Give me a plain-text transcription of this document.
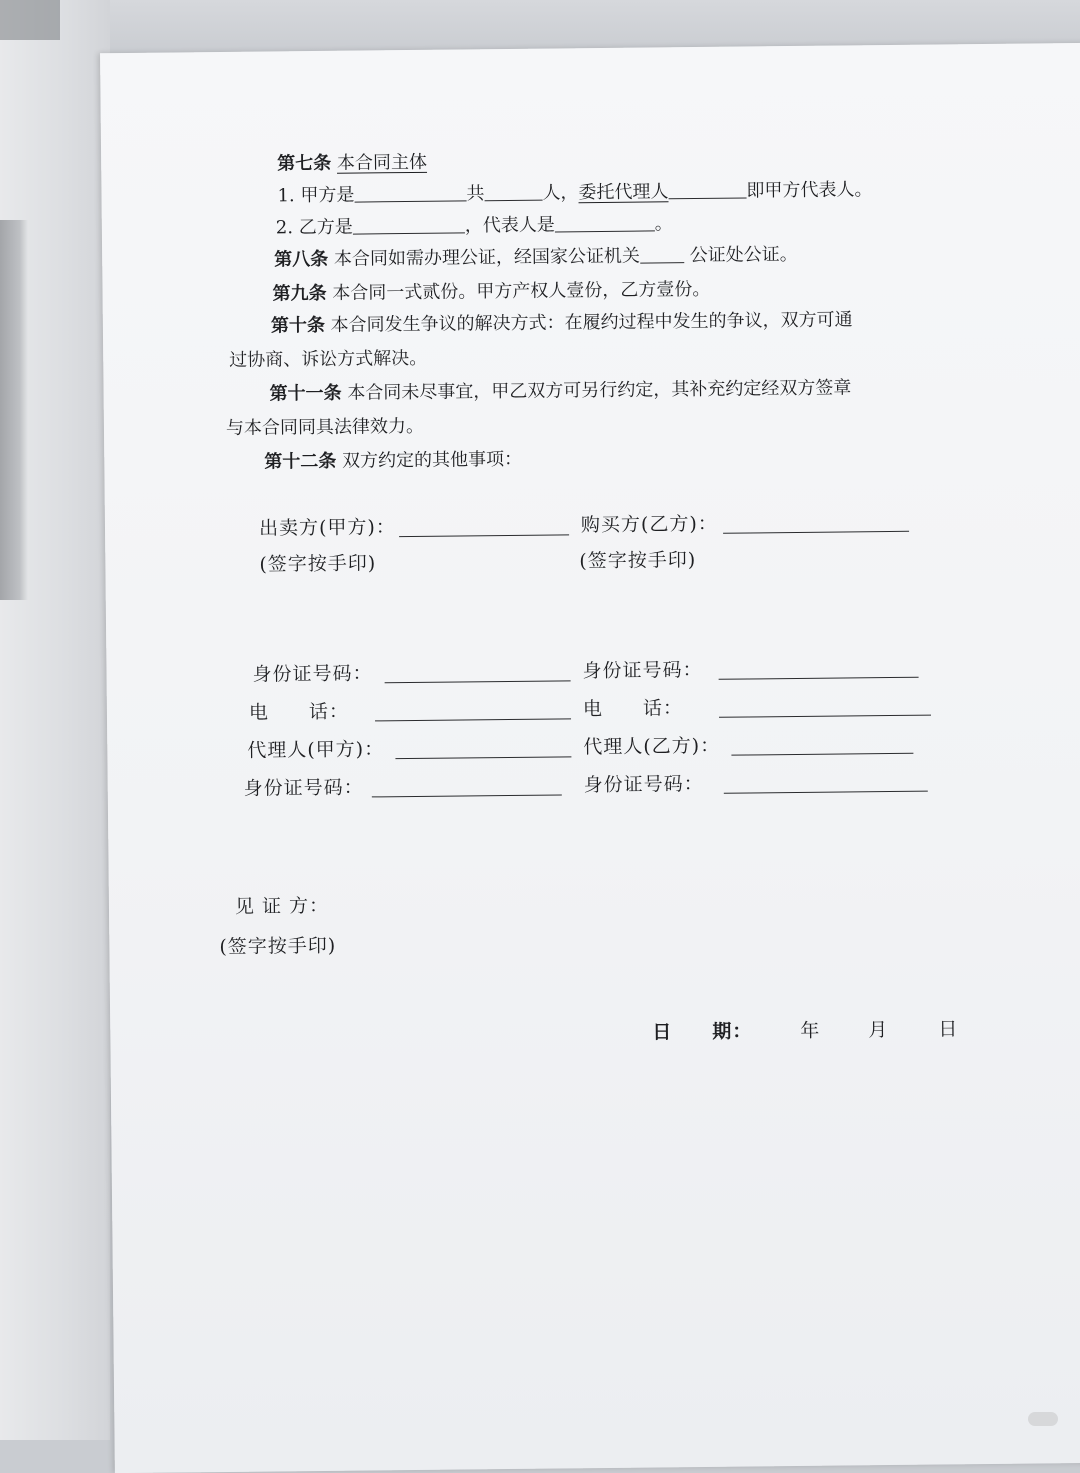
第七条 本合同主体
1. 甲方是	共	人，委托代理人	即甲方代表人。
2. 乙方是	，代表人是	。
第八条 本合同如需办理公证，经国家公证机关	公证处公证。
第九条 本合同一式贰份。甲方产权人壹份，乙方壹份。
第十条 本合同发生争议的解决方式：在履约过程中发生的争议，双方可通
过协商、诉讼方式解决。
第十一条 本合同未尽事宜，甲乙双方可另行约定，其补充约定经双方签章
与本合同同具法律效力。
第十二条 双方约定的其他事项：
出卖方(甲方)：	购买方(乙方)：
(签字按手印)	(签字按手印)
身份证号码：	身份证号码：
电　　话：	电　　话：
代理人(甲方)：	代理人(乙方)：
身份证号码：	身份证号码：
见 证 方：
(签字按手印)
日　　期：	年	月	日
